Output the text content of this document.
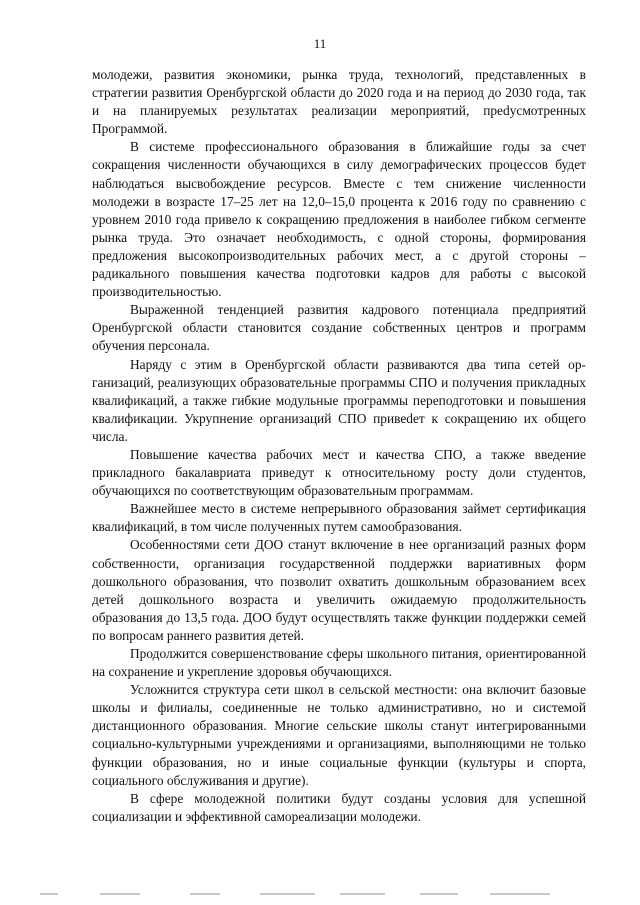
11

молодежи, развития экономики, рынка труда, технологий, представленных в стратегии развития Оренбургской области до 2020 года и на период до 2030 года, так и на планируемых результатах реализации мероприятий, преdусмотренных Программой.

В системе профессионального образования в ближайшие годы за счет сокращения численности обучающихся в силу демографических процессов будет наблюдаться высвобождение ресурсов. Вместе с тем снижение численности молодежи в возрасте 17–25 лет на 12,0–15,0 процента к 2016 году по сравнению с уровнем 2010 года привело к сокращению предложения в наиболее гибком сегменте рынка труда. Это означает необходимость, с одной стороны, формирования предложения высокопроизводительных рабочих мест, а с другой стороны – радикального повышения качества подготовки кадров для работы с высокой производительностью.

Выраженной тенденцией развития кадрового потенциала предприятий Оренбургской области становится создание собственных центров и программ обучения персонала.

Наряду с этим в Оренбургской области развиваются два типа сетей организаций, реализующих образовательные программы СПО и получения прикладных квалификаций, а также гибкие модульные программы переподготовки и повышения квалификации. Укрупнение организаций СПО привеdет к сокращению их общего числа.

Повышение качества рабочих мест и качества СПО, а также введение прикладного бакалавриата приведут к относительному росту доли студентов, обучающихся по соответствующим образовательным программам.

Важнейшее место в системе непрерывного образования займет сертификация квалификаций, в том числе полученных путем самообразования.

Особенностями сети ДОО станут включение в нее организаций разных форм собственности, организация государственной поддержки вариативных форм дошкольного образования, что позволит охватить дошкольным образованием всех детей дошкольного возраста и увеличить ожидаемую продолжительность образования до 13,5 года. ДОО будут осуществлять также функции поддержки семей по вопросам раннего развития детей.

Продолжится совершенствование сферы школьного питания, ориентированной на сохранение и укрепление здоровья обучающихся.

Усложнится структура сети школ в сельской местности: она включит базовые школы и филиалы, соединенные не только административно, но и системой дистанционного образования. Многие сельские школы станут интегрированными социально-культурными учреждениями и организациями, выполняющими не только функции образования, но и иные социальные функции (культуры и спорта, социального обслуживания и другие).

В сфере молодежной политики будут созданы условия для успешной социализации и эффективной самореализации молодежи.
